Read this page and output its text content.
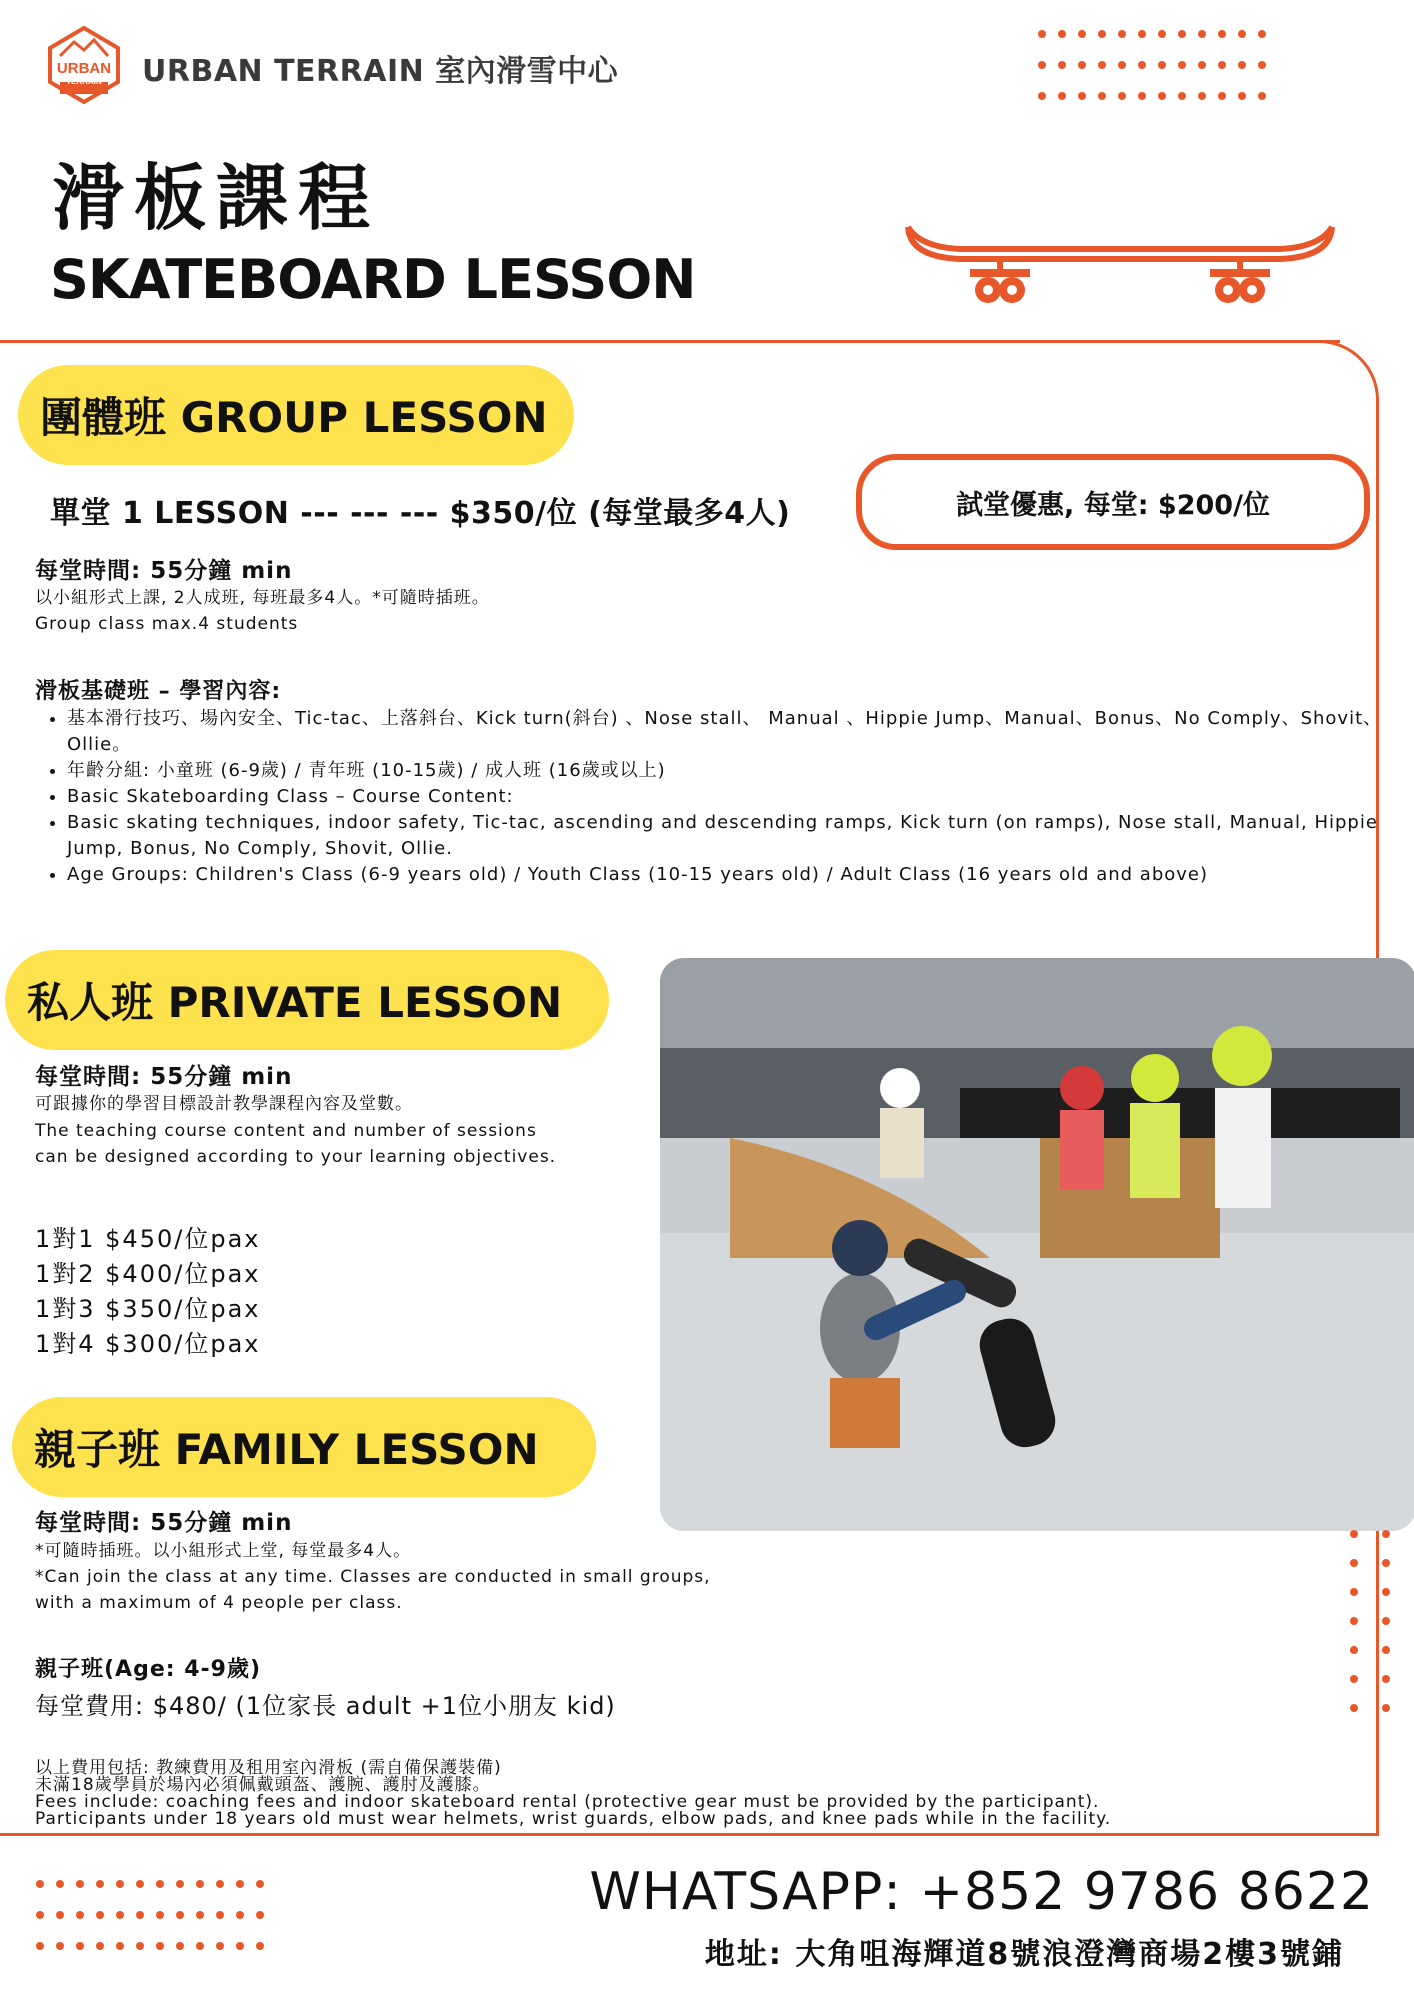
URBAN
TERRAIN	URBAN TERRAIN 室內滑雪中心
滑板課程
SKATEBOARD LESSON
團體班 GROUP LESSON
單堂 1 LESSON --- --- --- $350/位 (每堂最多4人)	試堂優惠, 每堂: $200/位
每堂時間: 55分鐘 min
以小組形式上課, 2人成班, 每班最多4人。*可隨時插班。
Group class max.4 students
滑板基礎班 – 學習內容:
• 基本滑行技巧、場內安全、Tic-tac、上落斜台、Kick turn(斜台) 、Nose stall、 Manual 、Hippie Jump、Manual、Bonus、No Comply、Shovit、Ollie。
• 年齡分組: 小童班 (6-9歲) / 青年班 (10-15歲) / 成人班 (16歲或以上)
• Basic Skateboarding Class – Course Content:
• Basic skating techniques, indoor safety, Tic-tac, ascending and descending ramps, Kick turn (on ramps), Nose stall, Manual, Hippie Jump, Bonus, No Comply, Shovit, Ollie.
• Age Groups: Children's Class (6-9 years old) / Youth Class (10-15 years old) / Adult Class (16 years old and above)
私人班 PRIVATE LESSON
每堂時間: 55分鐘 min
可跟據你的學習目標設計教學課程內容及堂數。
The teaching course content and number of sessions can be designed according to your learning objectives.
1對1 $450/位pax
1對2 $400/位pax
1對3 $350/位pax
1對4 $300/位pax
親子班 FAMILY LESSON
每堂時間: 55分鐘 min
*可隨時插班。以小組形式上堂, 每堂最多4人。
*Can join the class at any time. Classes are conducted in small groups, with a maximum of 4 people per class.
親子班(Age: 4-9歲)
每堂費用: $480/ (1位家長 adult +1位小朋友 kid)
以上費用包括: 教練費用及租用室內滑板 (需自備保護裝備)
未滿18歲學員於場內必須佩戴頭盔、護腕、護肘及護膝。
Fees include: coaching fees and indoor skateboard rental (protective gear must be provided by the participant).
Participants under 18 years old must wear helmets, wrist guards, elbow pads, and knee pads while in the facility.
WHATSAPP: +852 9786 8622
地址: 大角咀海輝道8號浪澄灣商場2樓3號鋪
